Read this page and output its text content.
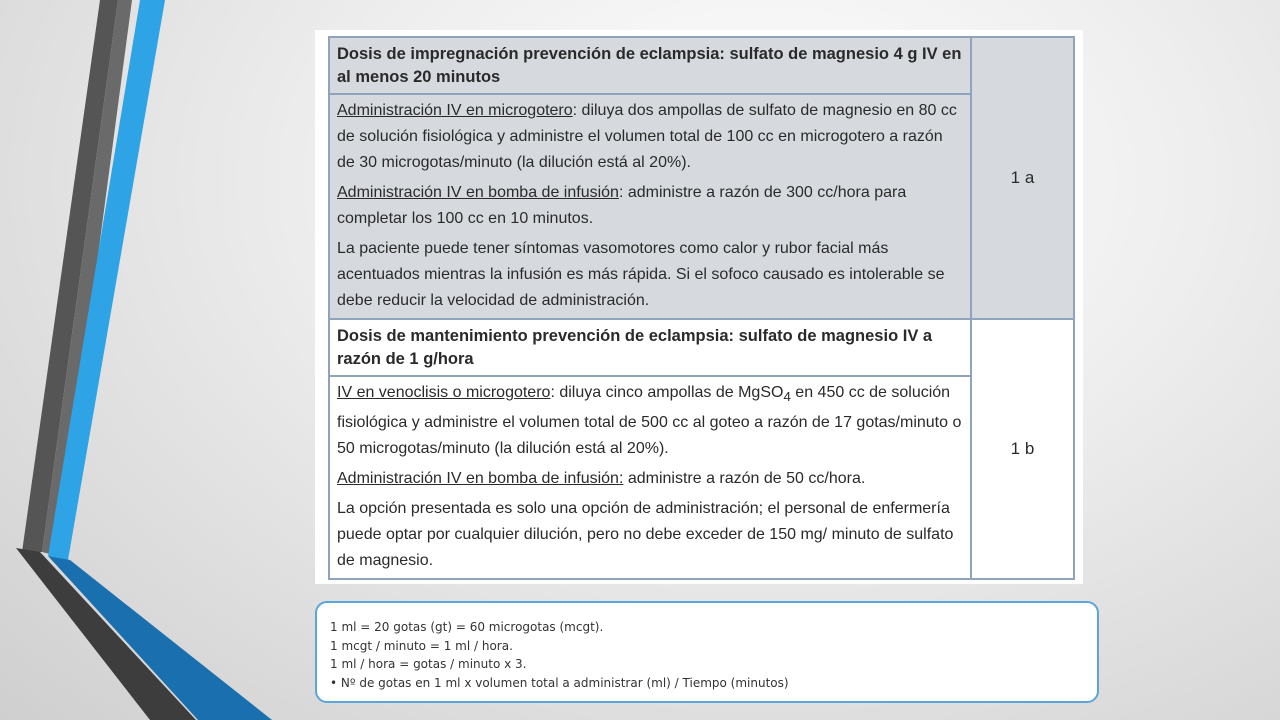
Dosis de impregnación prevención de eclampsia: sulfato de magnesio 4 g IV en al menos 20 minutos	1 a

Administración IV en microgotero: diluya dos ampollas de sulfato de magnesio en 80 cc de solución fisiológica y administre el volumen total de 100 cc en microgotero a razón de 30 microgotas/minuto (la dilución está al 20%).
Administración IV en bomba de infusión: administre a razón de 300 cc/hora para completar los 100 cc en 10 minutos.
La paciente puede tener síntomas vasomotores como calor y rubor facial más acentuados mientras la infusión es más rápida. Si el sofoco causado es intolerable se debe reducir la velocidad de administración.	

Dosis de mantenimiento prevención de eclampsia: sulfato de magnesio IV a razón de 1 g/hora	1 b

IV en venoclisis o microgotero: diluya cinco ampollas de MgSO$_4$ en 450 cc de solución fisiológica y administre el volumen total de 500 cc al goteo a razón de 17 gotas/minuto o 50 microgotas/minuto (la dilución está al 20%).
Administración IV en bomba de infusión: administre a razón de 50 cc/hora.
La opción presentada es solo una opción de administración; el personal de enfermería puede optar por cualquier dilución, pero no debe exceder de 150 mg/ minuto de sulfato de magnesio.	
1 ml = 20 gotas (gt) = 60 microgotas (mcgt).
1 mcgt / minuto = 1 ml / hora.
1 ml / hora = gotas / minuto x 3.
• Nº de gotas en 1 ml x volumen total a administrar (ml) / Tiempo (minutos)
